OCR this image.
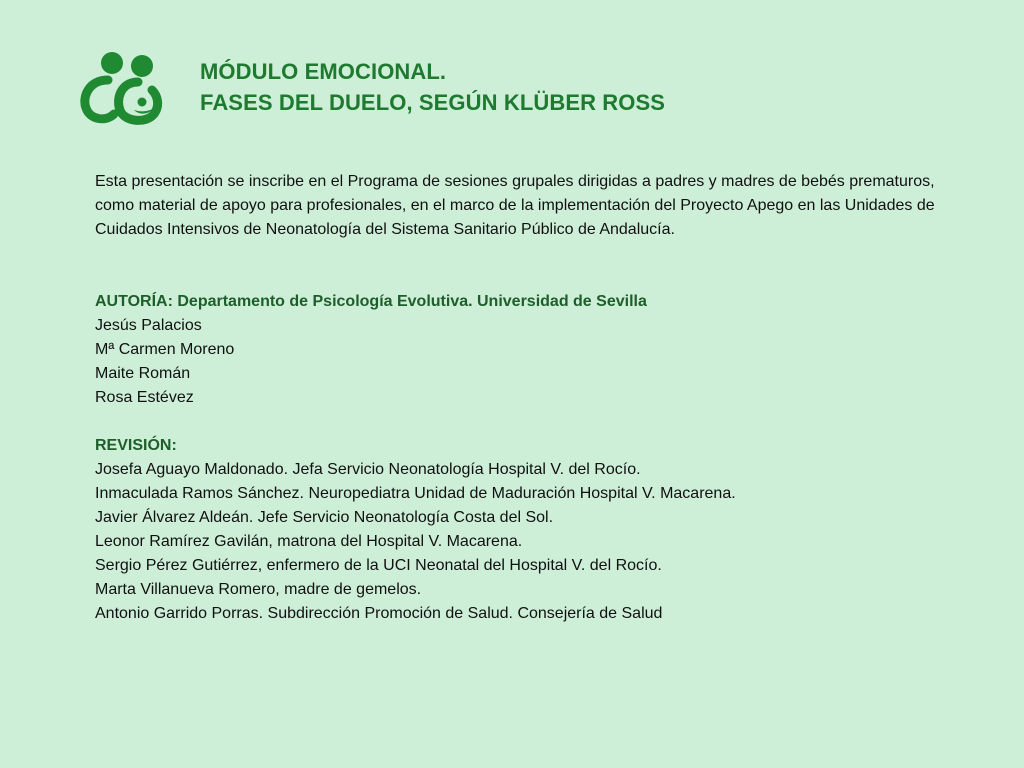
MÓDULO EMOCIONAL.
FASES DEL DUELO, SEGÚN KLÜBER ROSS

Esta presentación se inscribe en el Programa de sesiones grupales dirigidas a padres y madres de bebés prematuros, como material de apoyo para profesionales, en el marco de la implementación del Proyecto Apego en las Unidades de Cuidados Intensivos de Neonatología del Sistema Sanitario Público de Andalucía.

AUTORÍA: Departamento de Psicología Evolutiva. Universidad de Sevilla
Jesús Palacios
Mª Carmen Moreno
Maite Román
Rosa Estévez
REVISIÓN:
Josefa Aguayo Maldonado. Jefa Servicio Neonatología Hospital V. del Rocío.
Inmaculada Ramos Sánchez. Neuropediatra Unidad de Maduración Hospital V. Macarena.
Javier Álvarez Aldeán. Jefe Servicio Neonatología Costa del Sol.
Leonor Ramírez Gavilán, matrona del Hospital V. Macarena.
Sergio Pérez Gutiérrez, enfermero de la UCI Neonatal del Hospital V. del Rocío.
Marta Villanueva Romero, madre de gemelos.
Antonio Garrido Porras. Subdirección Promoción de Salud. Consejería de Salud
